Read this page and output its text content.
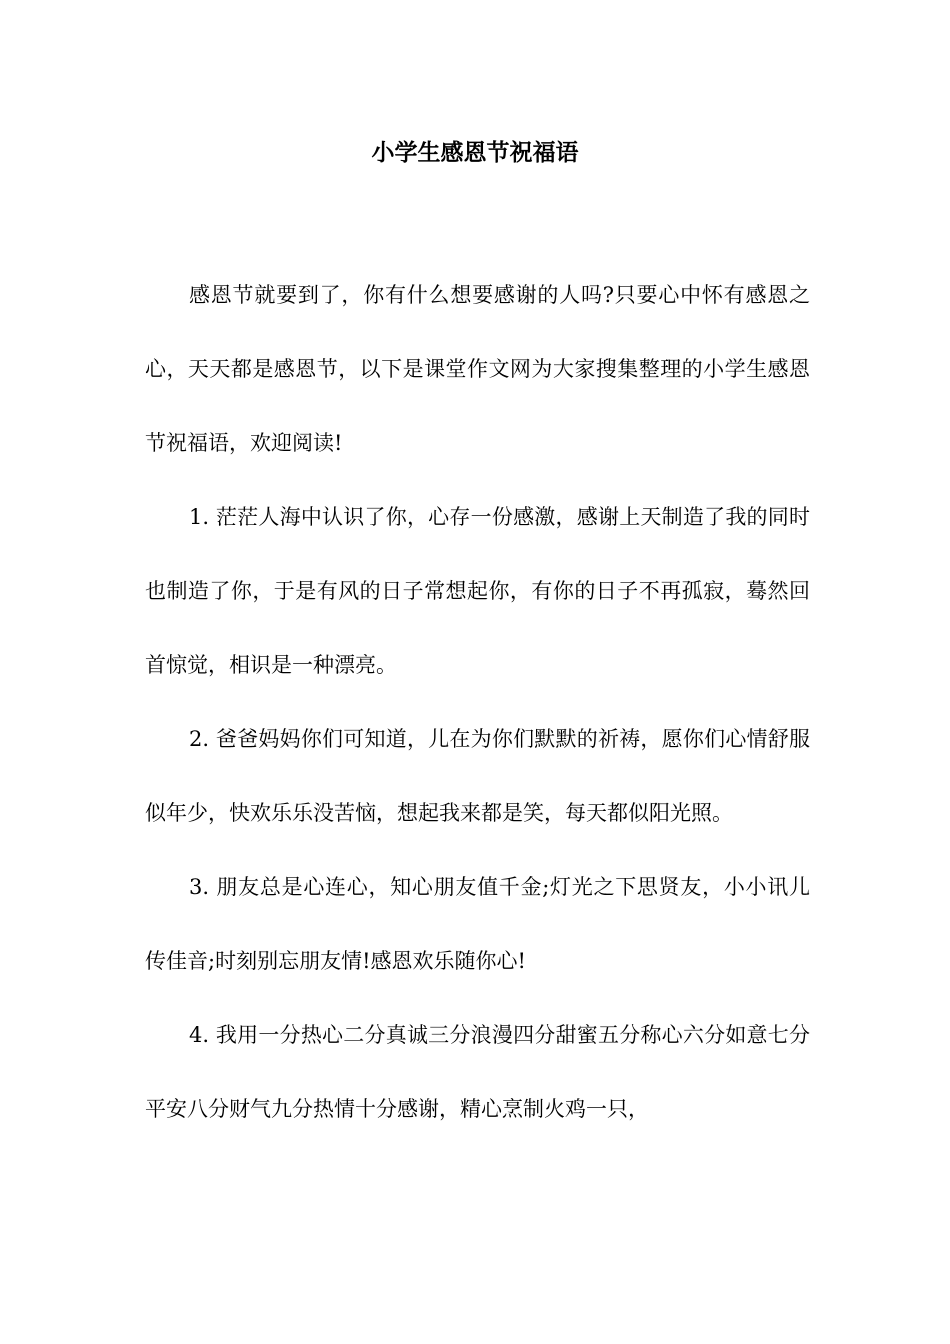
小学生感恩节祝福语

感恩节就要到了，你有什么想要感谢的人吗?只要心中怀有感恩之心，天天都是感恩节，以下是课堂作文网为大家搜集整理的小学生感恩节祝福语，欢迎阅读!

1. 茫茫人海中认识了你，心存一份感激，感谢上天制造了我的同时也制造了你，于是有风的日子常想起你，有你的日子不再孤寂，蓦然回首惊觉，相识是一种漂亮。

2. 爸爸妈妈你们可知道，儿在为你们默默的祈祷，愿你们心情舒服似年少，快欢乐乐没苦恼，想起我来都是笑，每天都似阳光照。

3. 朋友总是心连心，知心朋友值千金;灯光之下思贤友，小小讯儿传佳音;时刻别忘朋友情!感恩欢乐随你心!

4. 我用一分热心二分真诚三分浪漫四分甜蜜五分称心六分如意七分平安八分财气九分热情十分感谢，精心烹制火鸡一只，
